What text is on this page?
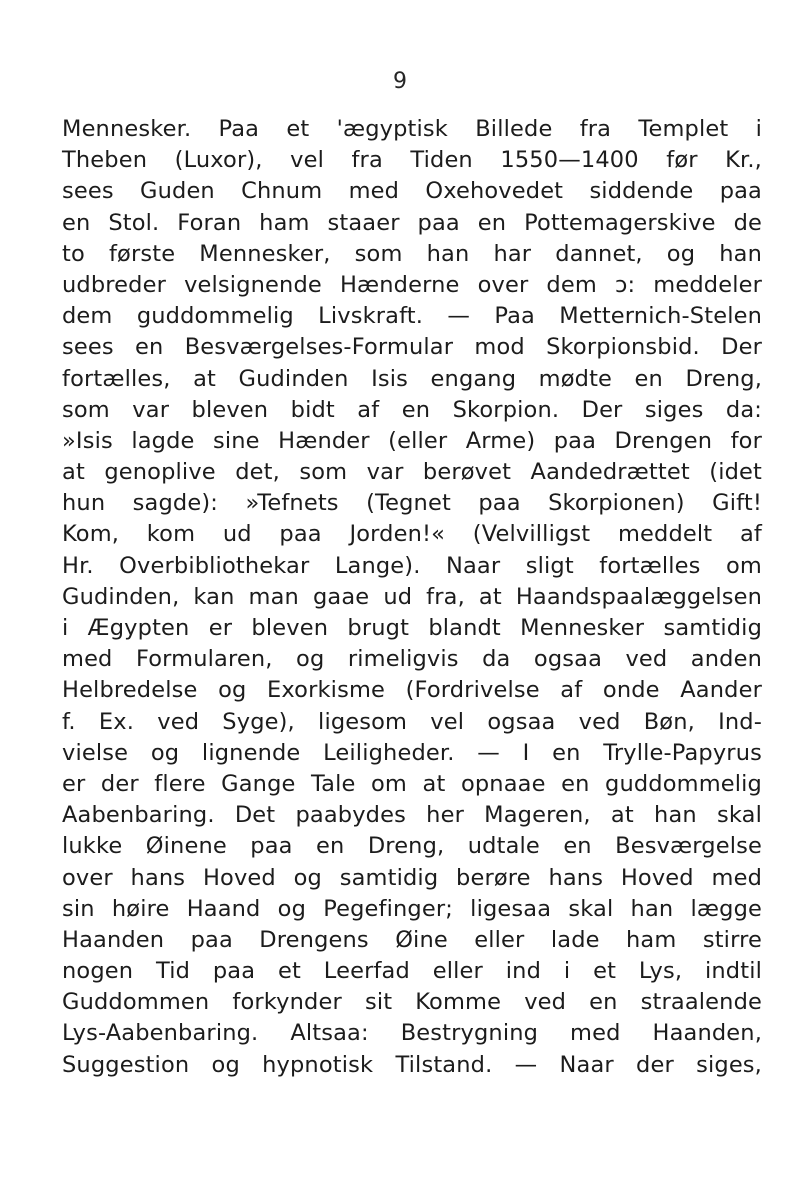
9
Mennesker. Paa et 'ægyptisk Billede fra Templet i
Theben (Luxor), vel fra Tiden 1550—1400 før Kr.,
sees Guden Chnum med Oxehovedet siddende paa
en Stol. Foran ham staaer paa en Pottemagerskive de
to første Mennesker, som han har dannet, og han
udbreder velsignende Hænderne over dem ɔ: meddeler
dem guddommelig Livskraft. — Paa Metternich-Stelen
sees en Besværgelses-Formular mod Skorpionsbid. Der
fortælles, at Gudinden Isis engang mødte en Dreng,
som var bleven bidt af en Skorpion. Der siges da:
»Isis lagde sine Hænder (eller Arme) paa Drengen for
at genoplive det, som var berøvet Aandedrættet (idet
hun sagde): »Tefnets (Tegnet paa Skorpionen) Gift!
Kom, kom ud paa Jorden!« (Velvilligst meddelt af
Hr. Overbibliothekar Lange). Naar sligt fortælles om
Gudinden, kan man gaae ud fra, at Haandspaalæggelsen
i Ægypten er bleven brugt blandt Mennesker samtidig
med Formularen, og rimeligvis da ogsaa ved anden
Helbredelse og Exorkisme (Fordrivelse af onde Aander
f. Ex. ved Syge), ligesom vel ogsaa ved Bøn, Ind-
vielse og lignende Leiligheder. — I en Trylle-Papyrus
er der flere Gange Tale om at opnaae en guddommelig
Aabenbaring. Det paabydes her Mageren, at han skal
lukke Øinene paa en Dreng, udtale en Besværgelse
over hans Hoved og samtidig berøre hans Hoved med
sin høire Haand og Pegefinger; ligesaa skal han lægge
Haanden paa Drengens Øine eller lade ham stirre
nogen Tid paa et Leerfad eller ind i et Lys, indtil
Guddommen forkynder sit Komme ved en straalende
Lys-Aabenbaring. Altsaa: Bestrygning med Haanden,
Suggestion og hypnotisk Tilstand. — Naar der siges,
